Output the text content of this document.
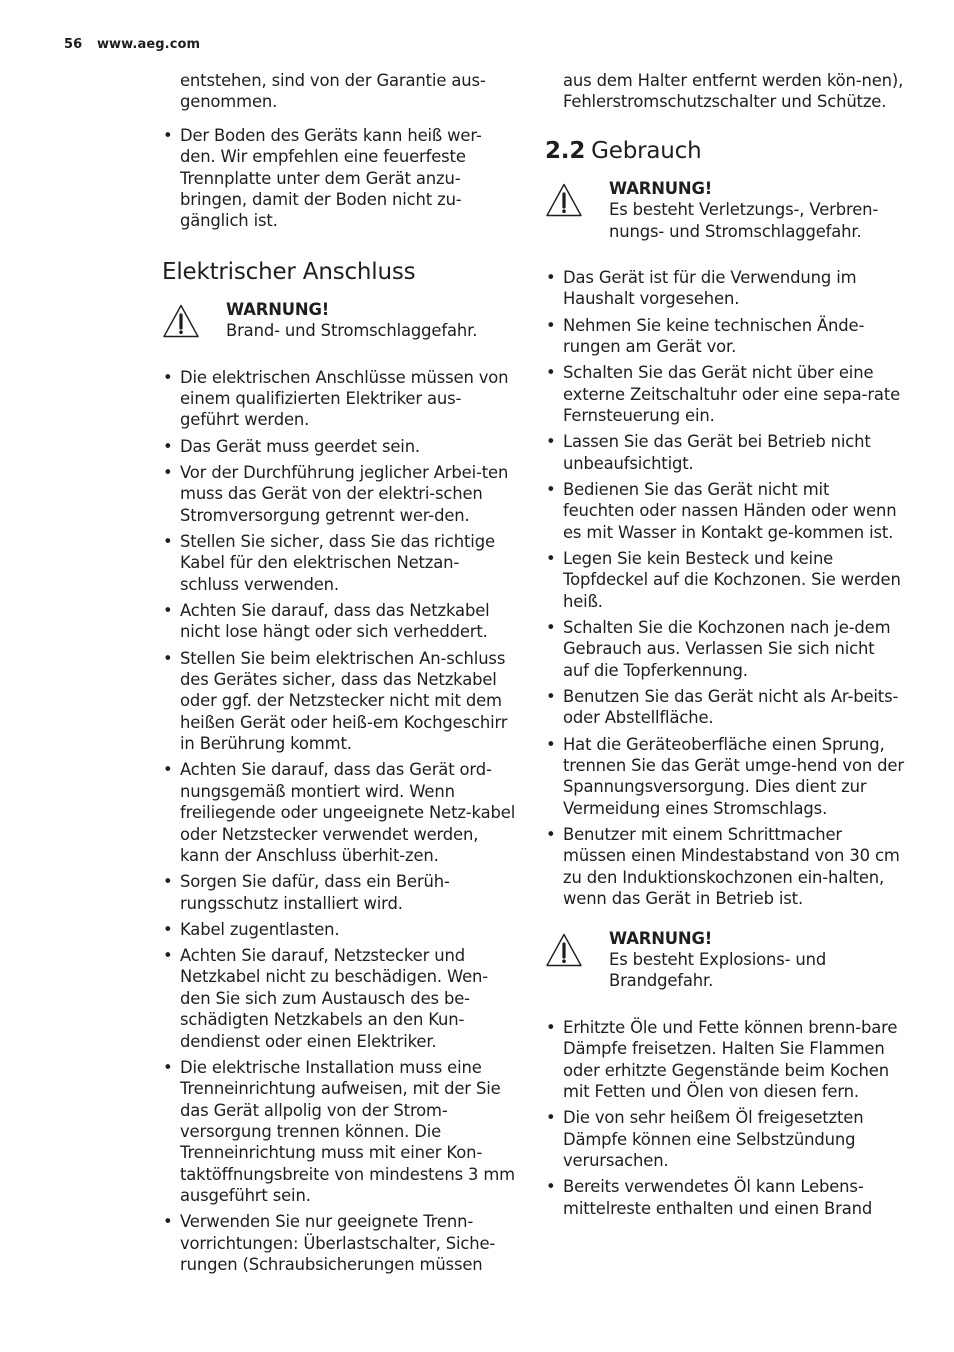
56 www.aeg.com

entstehen, sind von der Garantie aus-genommen.

• Der Boden des Geräts kann heiß wer-den. Wir empfehlen eine feuerfeste Trennplatte unter dem Gerät anzu-bringen, damit der Boden nicht zu-gänglich ist.
Elektrischer Anschluss
WARNUNG!
Brand- und Stromschlaggefahr.
• Die elektrischen Anschlüsse müssen von einem qualifizierten Elektriker aus-geführt werden.
• Das Gerät muss geerdet sein.
• Vor der Durchführung jeglicher Arbei-ten muss das Gerät von der elektri-schen Stromversorgung getrennt wer-den.
• Stellen Sie sicher, dass Sie das richtige Kabel für den elektrischen Netzan-schluss verwenden.
• Achten Sie darauf, dass das Netzkabel nicht lose hängt oder sich verheddert.
• Stellen Sie beim elektrischen An-schluss des Gerätes sicher, dass das Netzkabel oder ggf. der Netzstecker nicht mit dem heißen Gerät oder heiß-em Kochgeschirr in Berührung kommt.
• Achten Sie darauf, dass das Gerät ord-nungsgemäß montiert wird. Wenn freiliegende oder ungeeignete Netz-kabel oder Netzstecker verwendet werden, kann der Anschluss überhit-zen.
• Sorgen Sie dafür, dass ein Berüh-rungsschutz installiert wird.
• Kabel zugentlasten.
• Achten Sie darauf, Netzstecker und Netzkabel nicht zu beschädigen. Wen-den Sie sich zum Austausch des be-schädigten Netzkabels an den Kun-dendienst oder einen Elektriker.
• Die elektrische Installation muss eine Trenneinrichtung aufweisen, mit der Sie das Gerät allpolig von der Strom-versorgung trennen können. Die Trenneinrichtung muss mit einer Kon-taktöffnungsbreite von mindestens 3 mm ausgeführt sein.
• Verwenden Sie nur geeignete Trenn-vorrichtungen: Überlastschalter, Siche-rungen (Schraubsicherungen müssen

aus dem Halter entfernt werden kön-nen), Fehlerstromschutzschalter und Schütze.

2.2 Gebrauch
WARNUNG!
Es besteht Verletzungs-, Verbren-nungs- und Stromschlaggefahr.
• Das Gerät ist für die Verwendung im Haushalt vorgesehen.
• Nehmen Sie keine technischen Ände-rungen am Gerät vor.
• Schalten Sie das Gerät nicht über eine externe Zeitschaltuhr oder eine sepa-rate Fernsteuerung ein.
• Lassen Sie das Gerät bei Betrieb nicht unbeaufsichtigt.
• Bedienen Sie das Gerät nicht mit feuchten oder nassen Händen oder wenn es mit Wasser in Kontakt ge-kommen ist.
• Legen Sie kein Besteck und keine Topfdeckel auf die Kochzonen. Sie werden heiß.
• Schalten Sie die Kochzonen nach je-dem Gebrauch aus. Verlassen Sie sich nicht auf die Topferkennung.
• Benutzen Sie das Gerät nicht als Ar-beits- oder Abstellfläche.
• Hat die Geräteoberfläche einen Sprung, trennen Sie das Gerät umge-hend von der Spannungsversorgung. Dies dient zur Vermeidung eines Stromschlags.
• Benutzer mit einem Schrittmacher müssen einen Mindestabstand von 30 cm zu den Induktionskochzonen ein-halten, wenn das Gerät in Betrieb ist.
WARNUNG!
Es besteht Explosions- und Brandgefahr.
• Erhitzte Öle und Fette können brenn-bare Dämpfe freisetzen. Halten Sie Flammen oder erhitzte Gegenstände beim Kochen mit Fetten und Ölen von diesen fern.
• Die von sehr heißem Öl freigesetzten Dämpfe können eine Selbstzündung verursachen.
• Bereits verwendetes Öl kann Lebens-mittelreste enthalten und einen Brand
